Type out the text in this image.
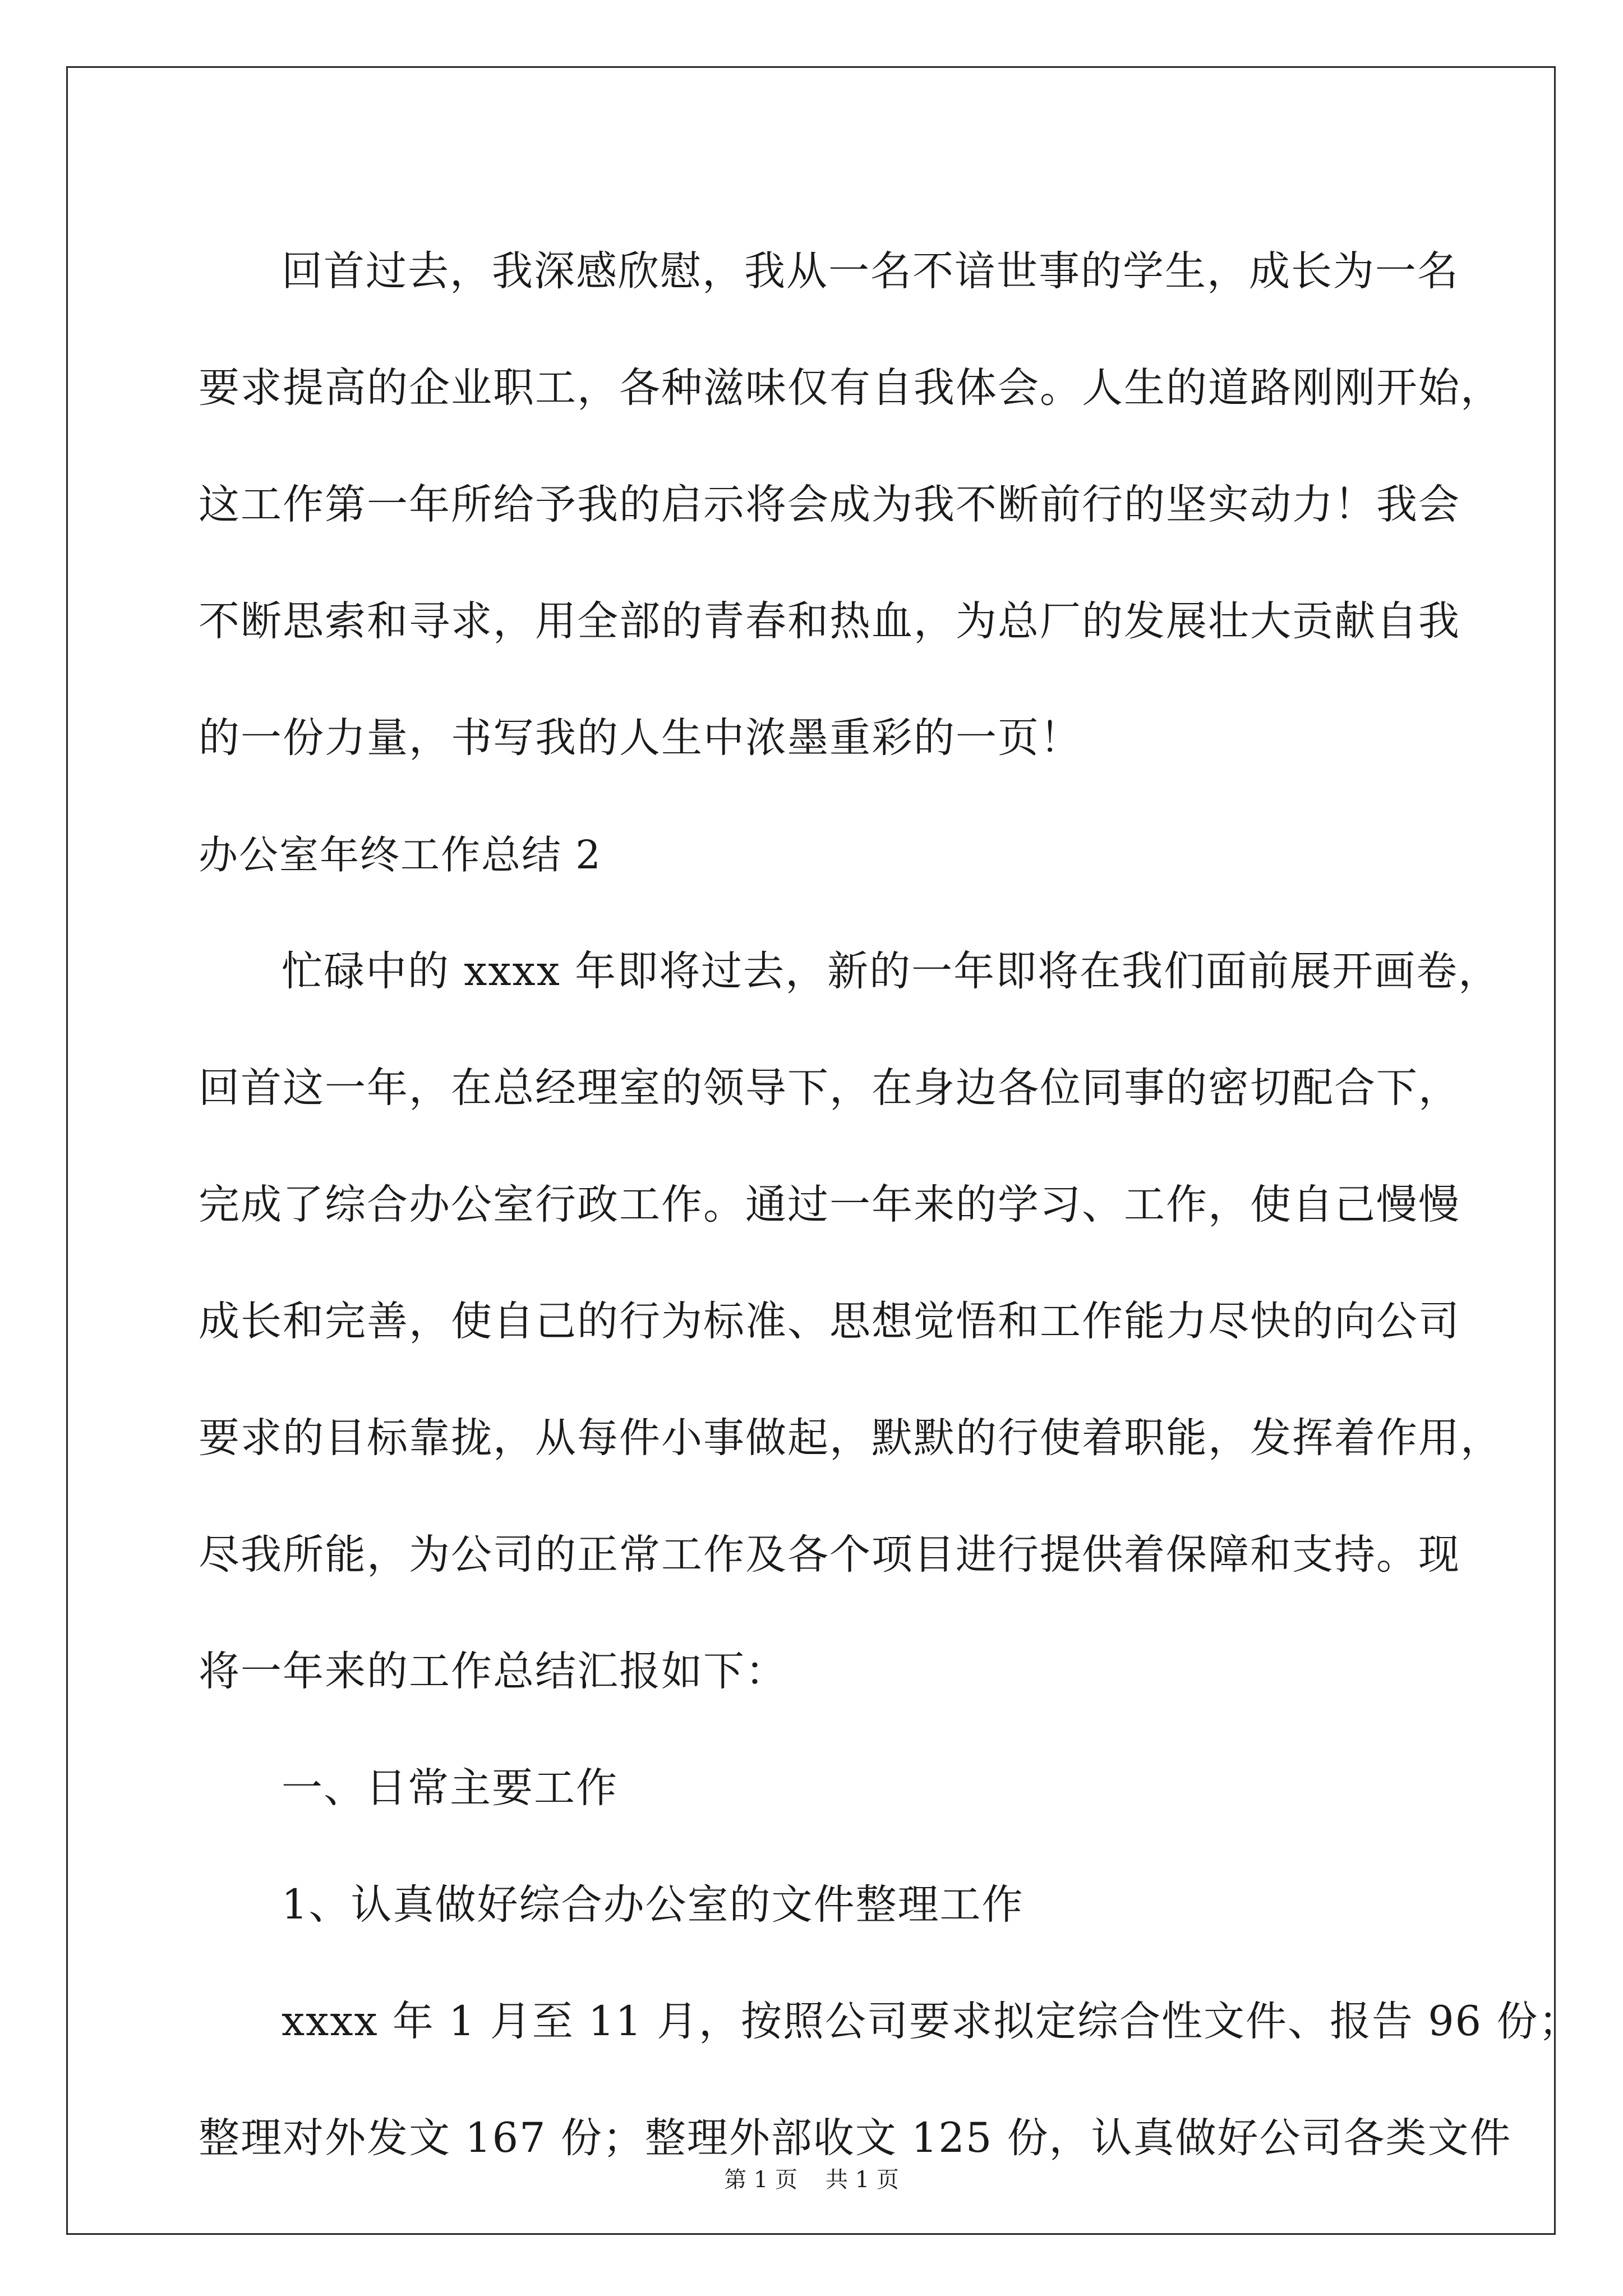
回首过去，我深感欣慰，我从一名不谙世事的学生，成长为一名
要求提高的企业职工，各种滋味仅有自我体会。人生的道路刚刚开始，
这工作第一年所给予我的启示将会成为我不断前行的坚实动力！我会
不断思索和寻求，用全部的青春和热血，为总厂的发展壮大贡献自我
的一份力量，书写我的人生中浓墨重彩的一页！
办公室年终工作总结 2
忙碌中的 xxxx 年即将过去，新的一年即将在我们面前展开画卷，
回首这一年，在总经理室的领导下，在身边各位同事的密切配合下，
完成了综合办公室行政工作。通过一年来的学习、工作，使自己慢慢
成长和完善，使自己的行为标准、思想觉悟和工作能力尽快的向公司
要求的目标靠拢，从每件小事做起，默默的行使着职能，发挥着作用，
尽我所能，为公司的正常工作及各个项目进行提供着保障和支持。现
将一年来的工作总结汇报如下：
一、日常主要工作
1、认真做好综合办公室的文件整理工作
xxxx 年 1 月至 11 月，按照公司要求拟定综合性文件、报告 96 份；
整理对外发文 167 份；整理外部收文 125 份，认真做好公司各类文件
第 1 页 共 1 页
